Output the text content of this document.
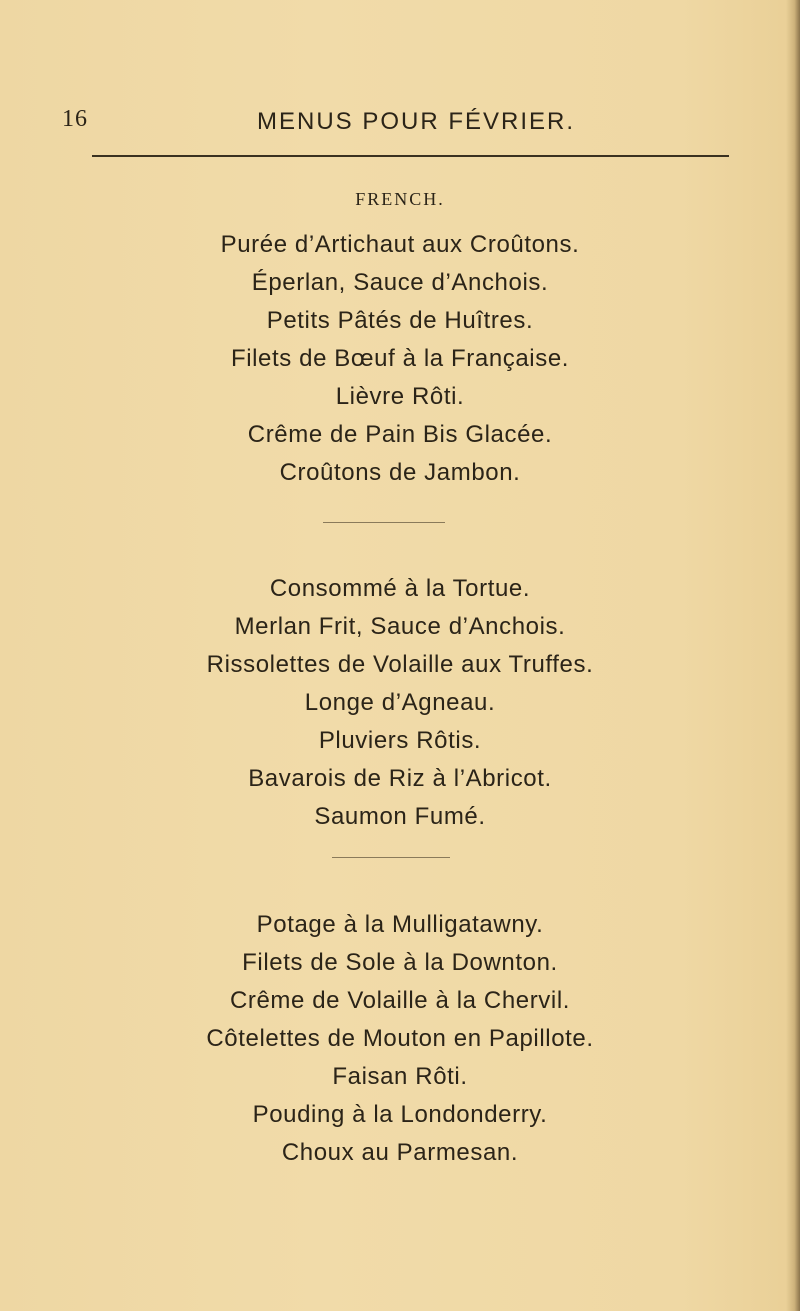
16	MENUS POUR FÉVRIER.
FRENCH.
Purée d’Artichaut aux Croûtons.
Éperlan, Sauce d’Anchois.
Petits Pâtés de Huîtres.
Filets de Bœuf à la Française.
Lièvre Rôti.
Crême de Pain Bis Glacée.
Croûtons de Jambon.
Consommé à la Tortue.
Merlan Frit, Sauce d’Anchois.
Rissolettes de Volaille aux Truffes.
Longe d’Agneau.
Pluviers Rôtis.
Bavarois de Riz à l’Abricot.
Saumon Fumé.
Potage à la Mulligatawny.
Filets de Sole à la Downton.
Crême de Volaille à la Chervil.
Côtelettes de Mouton en Papillote.
Faisan Rôti.
Pouding à la Londonderry.
Choux au Parmesan.
